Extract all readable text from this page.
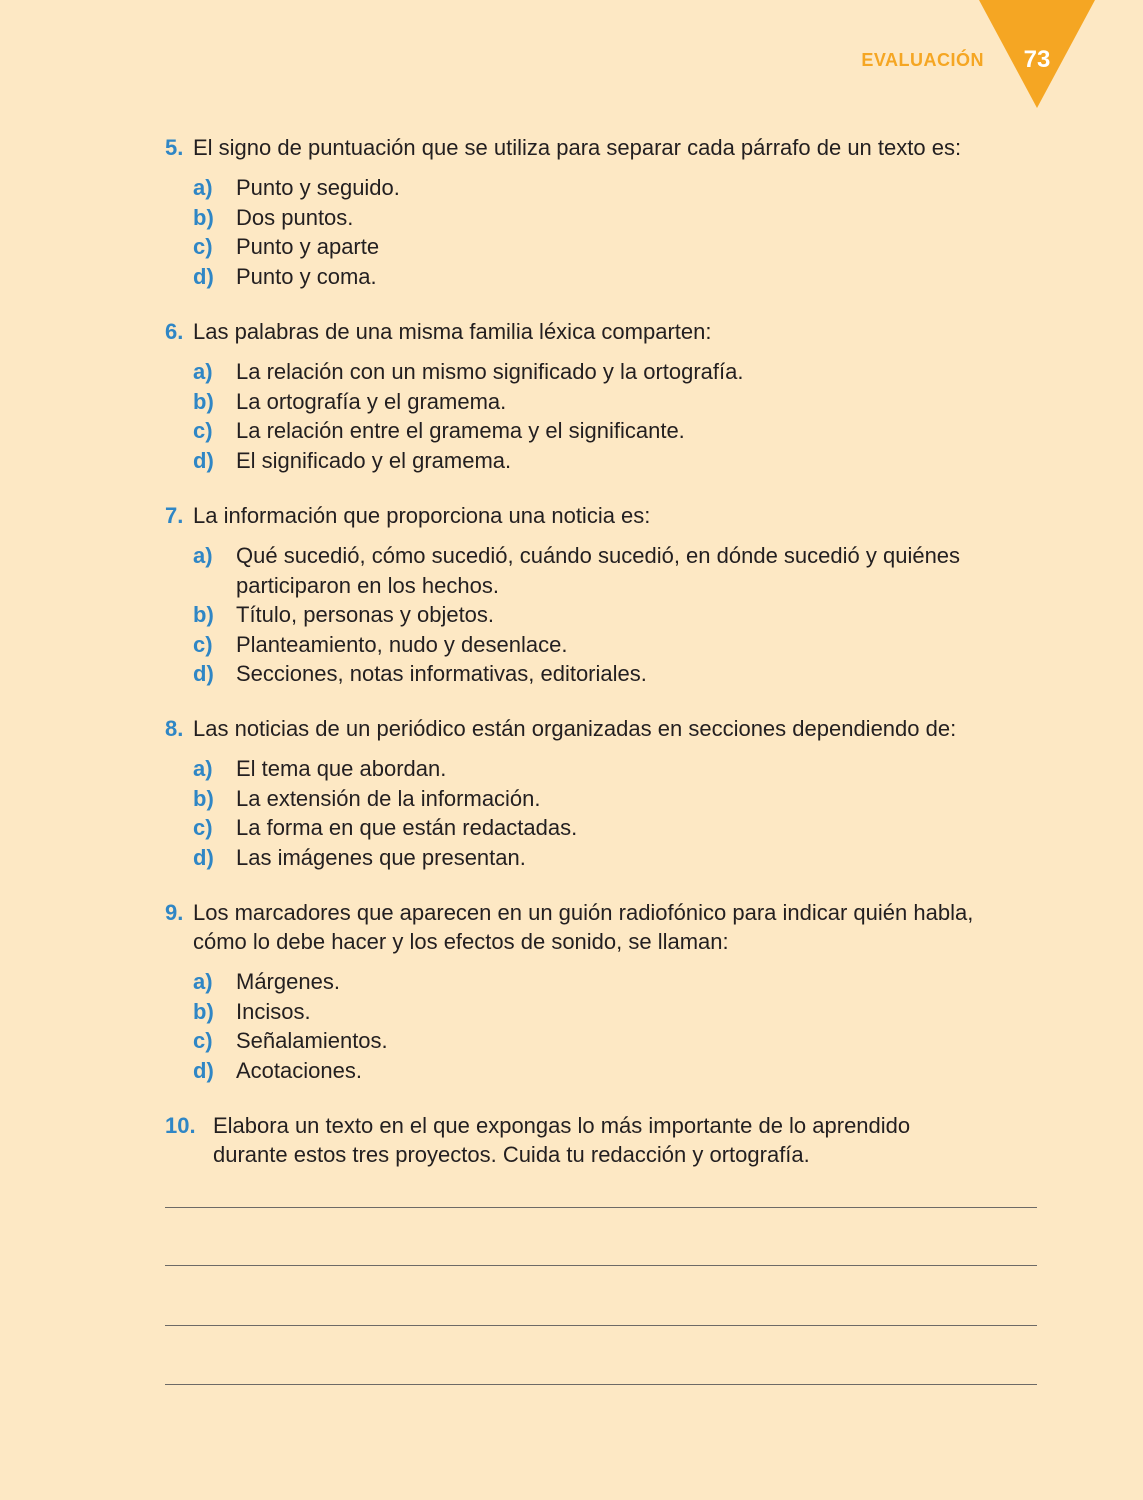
EVALUACIÓN 73
5. El signo de puntuación que se utiliza para separar cada párrafo de un texto es:
a) Punto y seguido.
b) Dos puntos.
c) Punto y aparte
d) Punto y coma.
6. Las palabras de una misma familia léxica comparten:
a) La relación con un mismo significado y la ortografía.
b) La ortografía y el gramema.
c) La relación entre el gramema y el significante.
d) El significado y el gramema.
7. La información que proporciona una noticia es:
a) Qué sucedió, cómo sucedió, cuándo sucedió, en dónde sucedió y quiénes participaron en los hechos.
b) Título, personas y objetos.
c) Planteamiento, nudo y desenlace.
d) Secciones, notas informativas, editoriales.
8. Las noticias de un periódico están organizadas en secciones dependiendo de:
a) El tema que abordan.
b) La extensión de la información.
c) La forma en que están redactadas.
d) Las imágenes que presentan.
9. Los marcadores que aparecen en un guión radiofónico para indicar quién habla, cómo lo debe hacer y los efectos de sonido, se llaman:
a) Márgenes.
b) Incisos.
c) Señalamientos.
d) Acotaciones.
10. Elabora un texto en el que expongas lo más importante de lo aprendido durante estos tres proyectos. Cuida tu redacción y ortografía.
